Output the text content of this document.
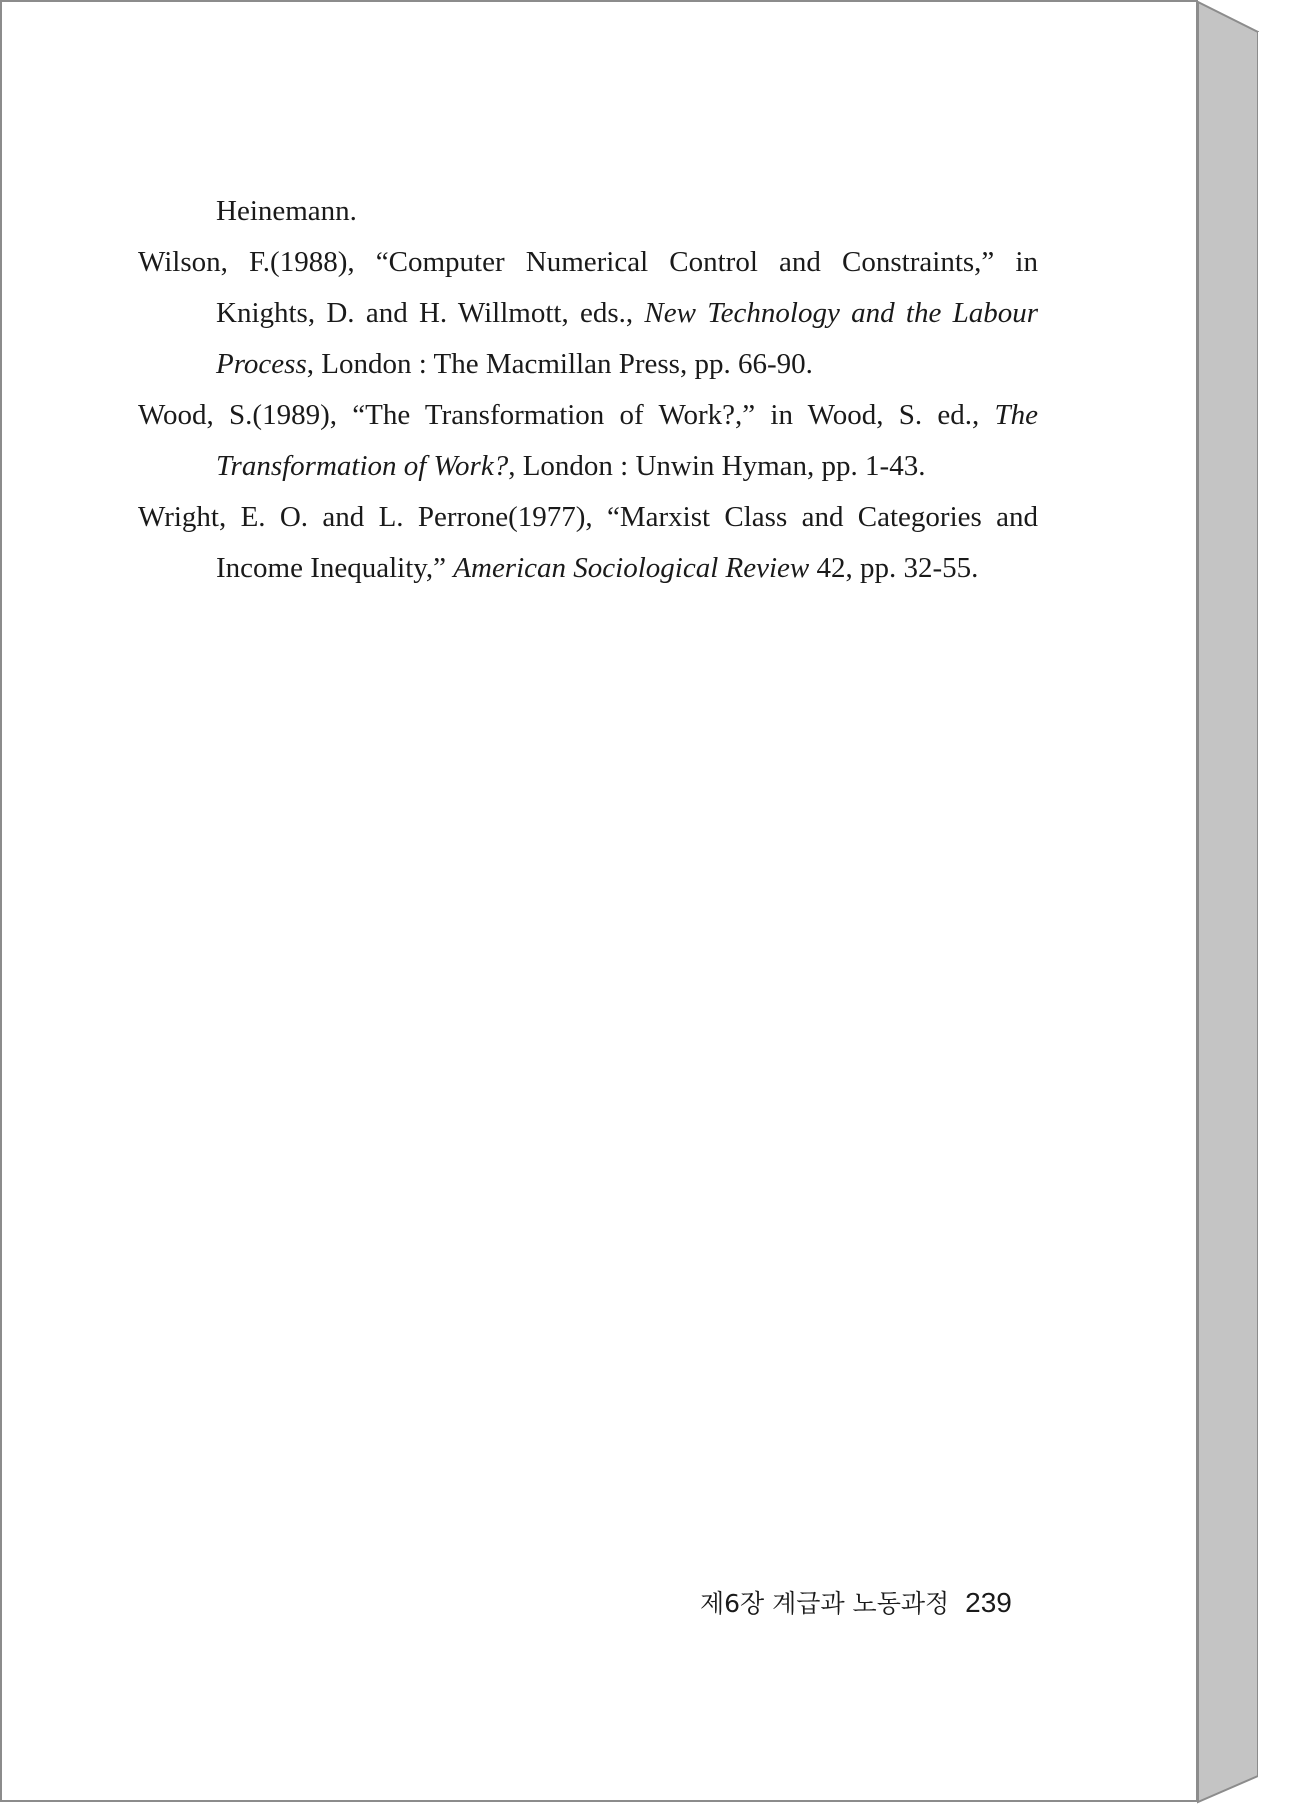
Heinemann.

Wilson, F.(1988), “Computer Numerical Control and Constraints,” in Knights, D. and H. Willmott, eds., New Technology and the Labour Process, London : The Macmillan Press, pp. 66-90.

Wood, S.(1989), “The Transformation of Work?,” in Wood, S. ed., The Transformation of Work?, London : Unwin Hyman, pp. 1-43.

Wright, E. O. and L. Perrone(1977), “Marxist Class and Categories and Income Inequality,” American Sociological Review 42, pp. 32-55.

제6장 계급과 노동과정 239
